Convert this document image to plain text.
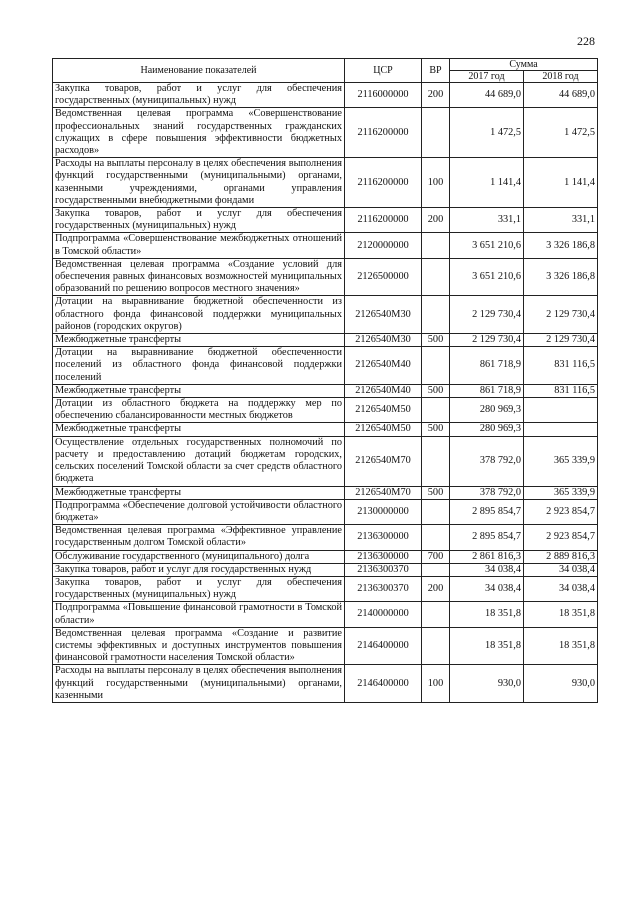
228
Наименование показателей	ЦСР	ВР	Сумма	
			2017 год	2018 год
Закупка товаров, работ и услуг для обеспечения государственных (муниципальных) нужд	2116000000	200	44 689,0	44 689,0
Ведомственная целевая программа «Совершенствование профессиональных знаний государственных гражданских служащих в сфере повышения эффективности бюджетных расходов»	2116200000		1 472,5	1 472,5
Расходы на выплаты персоналу в целях обеспечения выполнения функций государственными (муниципальными) органами, казенными учреждениями, органами управления государственными внебюджетными фондами	2116200000	100	1 141,4	1 141,4
Закупка товаров, работ и услуг для обеспечения государственных (муниципальных) нужд	2116200000	200	331,1	331,1
Подпрограмма «Совершенствование межбюджетных отношений в Томской области»	2120000000		3 651 210,6	3 326 186,8
Ведомственная целевая программа «Создание условий для обеспечения равных финансовых возможностей муниципальных образований по решению вопросов местного значения»	2126500000		3 651 210,6	3 326 186,8
Дотации на выравнивание бюджетной обеспеченности из областного фонда финансовой поддержки муниципальных районов (городских округов)	2126540М30		2 129 730,4	2 129 730,4
Межбюджетные трансферты	2126540М30	500	2 129 730,4	2 129 730,4
Дотации на выравнивание бюджетной обеспеченности поселений из областного фонда финансовой поддержки поселений	2126540М40		861 718,9	831 116,5
Межбюджетные трансферты	2126540М40	500	861 718,9	831 116,5
Дотации из областного бюджета на поддержку мер по обеспечению сбалансированности местных бюджетов	2126540М50		280 969,3	
Межбюджетные трансферты	2126540М50	500	280 969,3	
Осуществление отдельных государственных полномочий по расчету и предоставлению дотаций бюджетам городских, сельских поселений Томской области за счет средств областного бюджета	2126540М70		378 792,0	365 339,9
Межбюджетные трансферты	2126540М70	500	378 792,0	365 339,9
Подпрограмма «Обеспечение долговой устойчивости областного бюджета»	2130000000		2 895 854,7	2 923 854,7
Ведомственная целевая программа «Эффективное управление государственным долгом Томской области»	2136300000		2 895 854,7	2 923 854,7
Обслуживание государственного (муниципального) долга	2136300000	700	2 861 816,3	2 889 816,3
Закупка товаров, работ и услуг для государственных нужд	2136300370		34 038,4	34 038,4
Закупка товаров, работ и услуг для обеспечения государственных (муниципальных) нужд	2136300370	200	34 038,4	34 038,4
Подпрограмма «Повышение финансовой грамотности в Томской области»	2140000000		18 351,8	18 351,8
Ведомственная целевая программа «Создание и развитие системы эффективных и доступных инструментов повышения финансовой грамотности населения Томской области»	2146400000		18 351,8	18 351,8
Расходы на выплаты персоналу в целях обеспечения выполнения функций государственными (муниципальными) органами, казенными	2146400000	100	930,0	930,0
